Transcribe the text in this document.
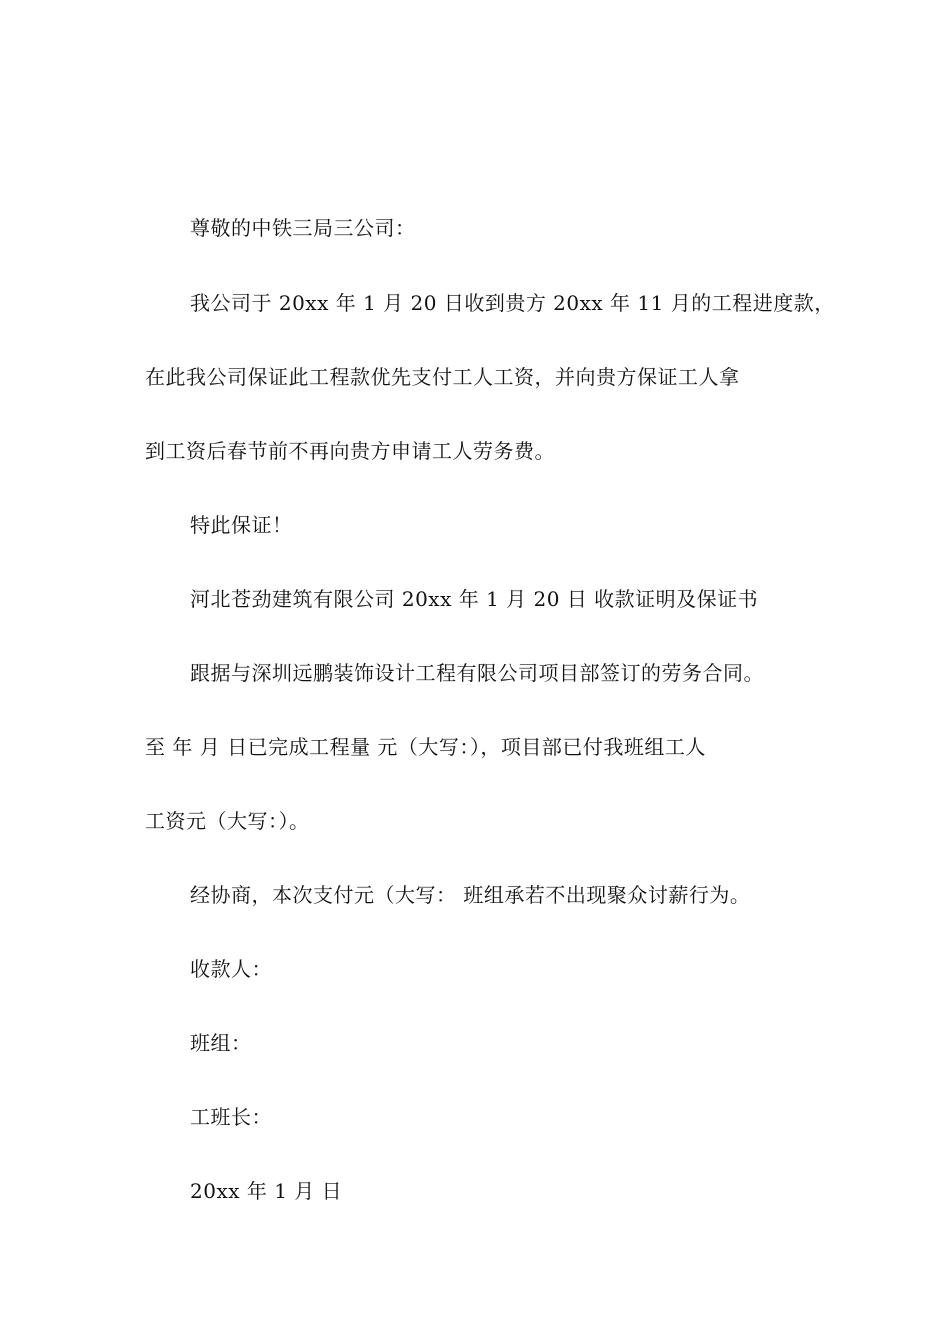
尊敬的中铁三局三公司：
我公司于 20xx 年 1 月 20 日收到贵方 20xx 年 11 月的工程进度款，
在此我公司保证此工程款优先支付工人工资，并向贵方保证工人拿
到工资后春节前不再向贵方申请工人劳务费。
特此保证！
河北苍劲建筑有限公司 20xx 年 1 月 20 日 收款证明及保证书
跟据与深圳远鹏装饰设计工程有限公司项目部签订的劳务合同。
至 年 月 日已完成工程量 元（大写：），项目部已付我班组工人
工资元（大写：）。
经协商，本次支付元（大写： 班组承若不出现聚众讨薪行为。
收款人：
班组：
工班长：
20xx 年 1 月 日
